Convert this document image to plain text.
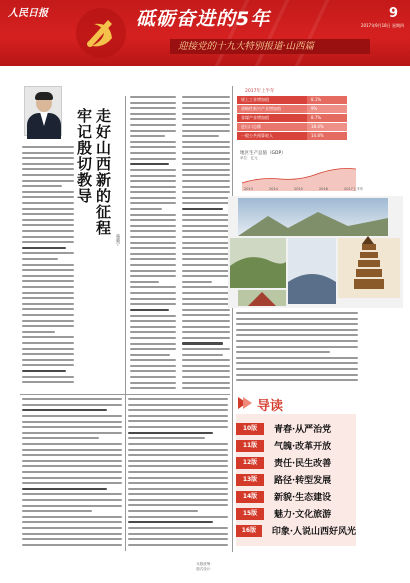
人民日报	砥砺奋进的5年
迎接党的十九大特别报道·山西篇
9
2017年9月18日 星期四
牢记殷切教导 走好山西新的征程
骆惠宁
2017年上半年
规上工业增加值	8.1%
战略性新兴产业增加值	9%
非煤产业增加值	8.7%
进出口总额	18.4%
一般公共预算收入	14.8%
地区生产总值（GDP）
单位：亿元
2013	2014	2015	2016	2017上半年
导读
10版	青春·从严治党
11版	气魄·改革开放
12版	责任·民生改善
13版	路径·转型发展
14版	新貌·生态建设
15版	魅力·文化旅游
16版	印象·人说山西好风光
本版统筹：
版式设计：
